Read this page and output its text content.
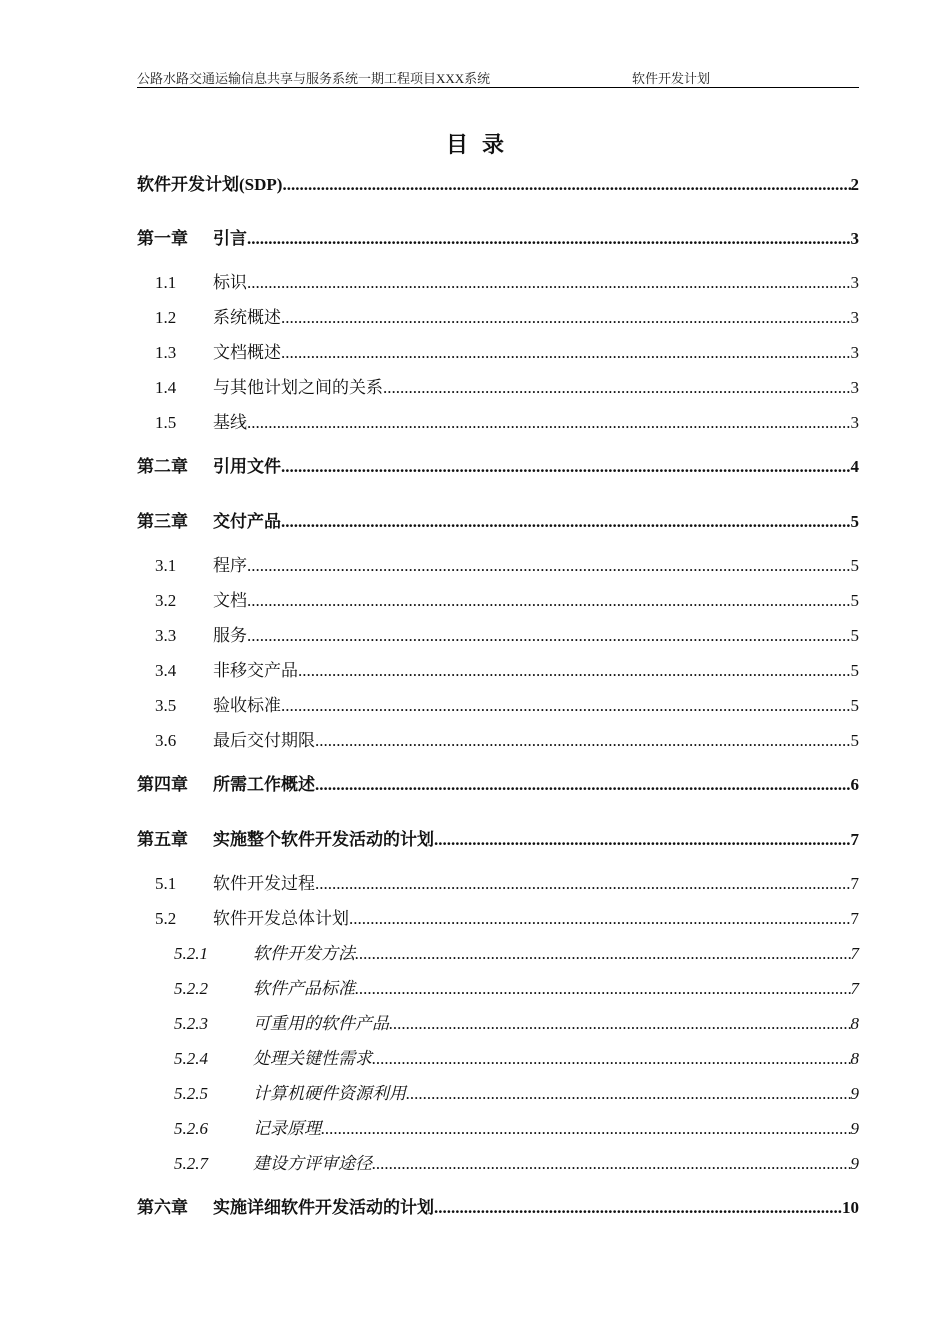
公路水路交通运输信息共享与服务系统一期工程项目XXX系统	软件开发计划
目录
软件开发计划(SDP) .....	2
第一章	引言 .....	3
1.1	标识 .....	3
1.2	系统概述 .....	3
1.3	文档概述 .....	3
1.4	与其他计划之间的关系 .....	3
1.5	基线 .....	3
第二章	引用文件 .....	4
第三章	交付产品 .....	5
3.1	程序 .....	5
3.2	文档 .....	5
3.3	服务 .....	5
3.4	非移交产品 .....	5
3.5	验收标准 .....	5
3.6	最后交付期限 .....	5
第四章	所需工作概述 .....	6
第五章	实施整个软件开发活动的计划 .....	7
5.1	软件开发过程 .....	7
5.2	软件开发总体计划 .....	7
5.2.1	软件开发方法 .....	7
5.2.2	软件产品标准 .....	7
5.2.3	可重用的软件产品 .....	8
5.2.4	处理关键性需求 .....	8
5.2.5	计算机硬件资源利用 .....	9
5.2.6	记录原理 .....	9
5.2.7	建设方评审途径 .....	9
第六章	实施详细软件开发活动的计划 .....	10
